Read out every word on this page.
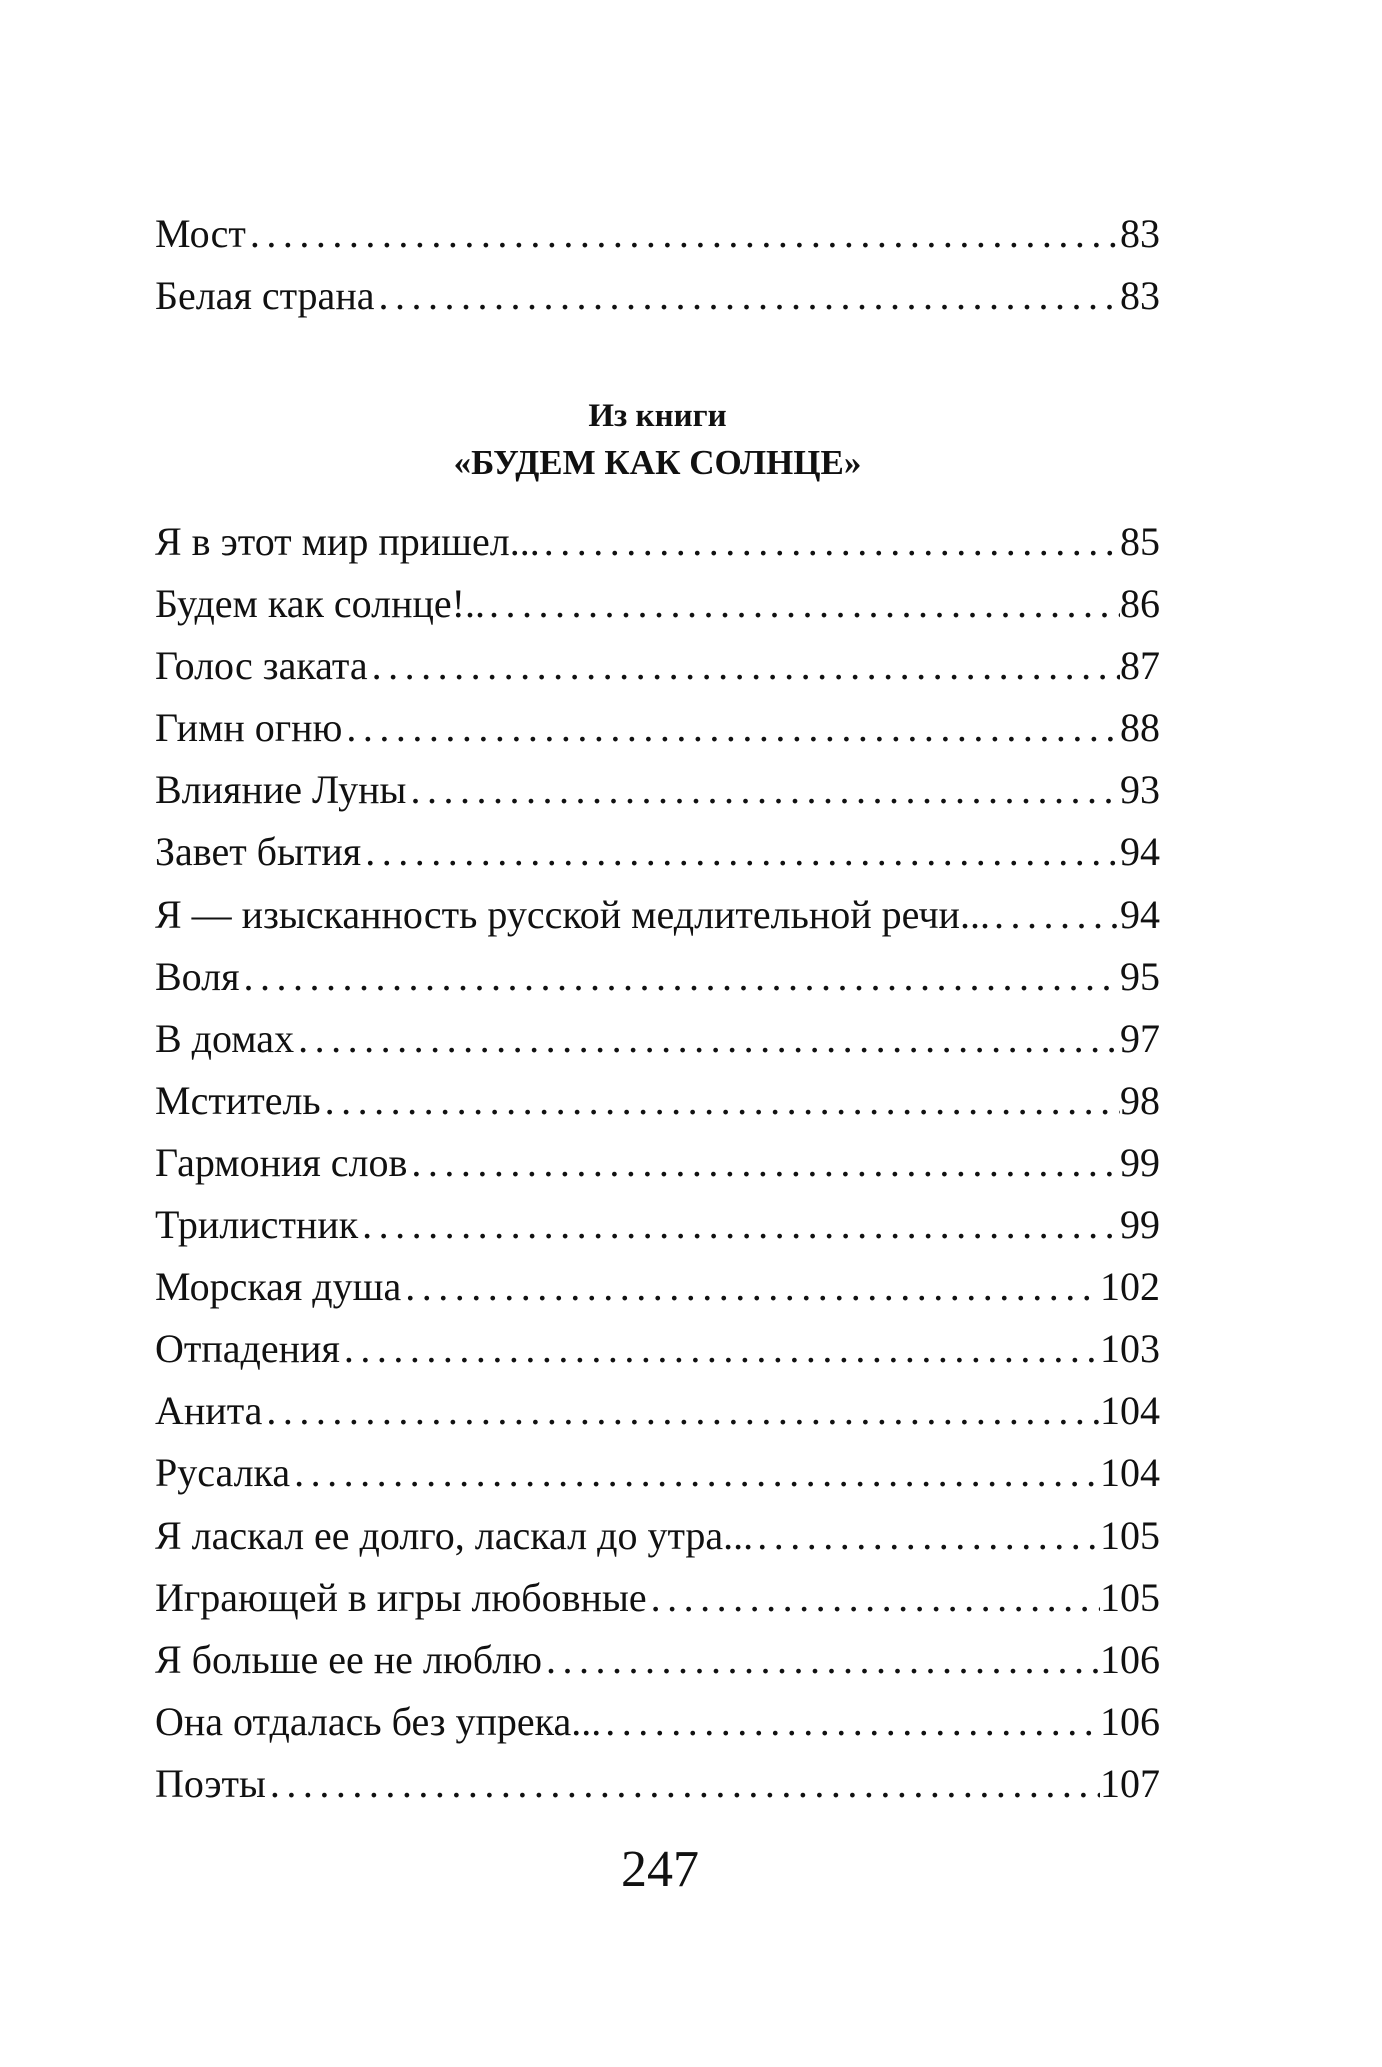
Мост .....	83
Белая страна .....	83
Из книги
«БУДЕМ КАК СОЛНЦЕ»
Я в этот мир пришел... .....	85
Будем как солнце!.. .....	86
Голос заката .....	87
Гимн огню .....	88
Влияние Луны .....	93
Завет бытия .....	94
Я — изысканность русской медлительной речи... .....	94
Воля .....	95
В домах .....	97
Мститель .....	98
Гармония слов .....	99
Трилистник .....	99
Морская душа .....	102
Отпадения .....	103
Анита .....	104
Русалка .....	104
Я ласкал ее долго, ласкал до утра... .....	105
Играющей в игры любовные .....	105
Я больше ее не люблю .....	106
Она отдалась без упрека... .....	106
Поэты .....	107
247
